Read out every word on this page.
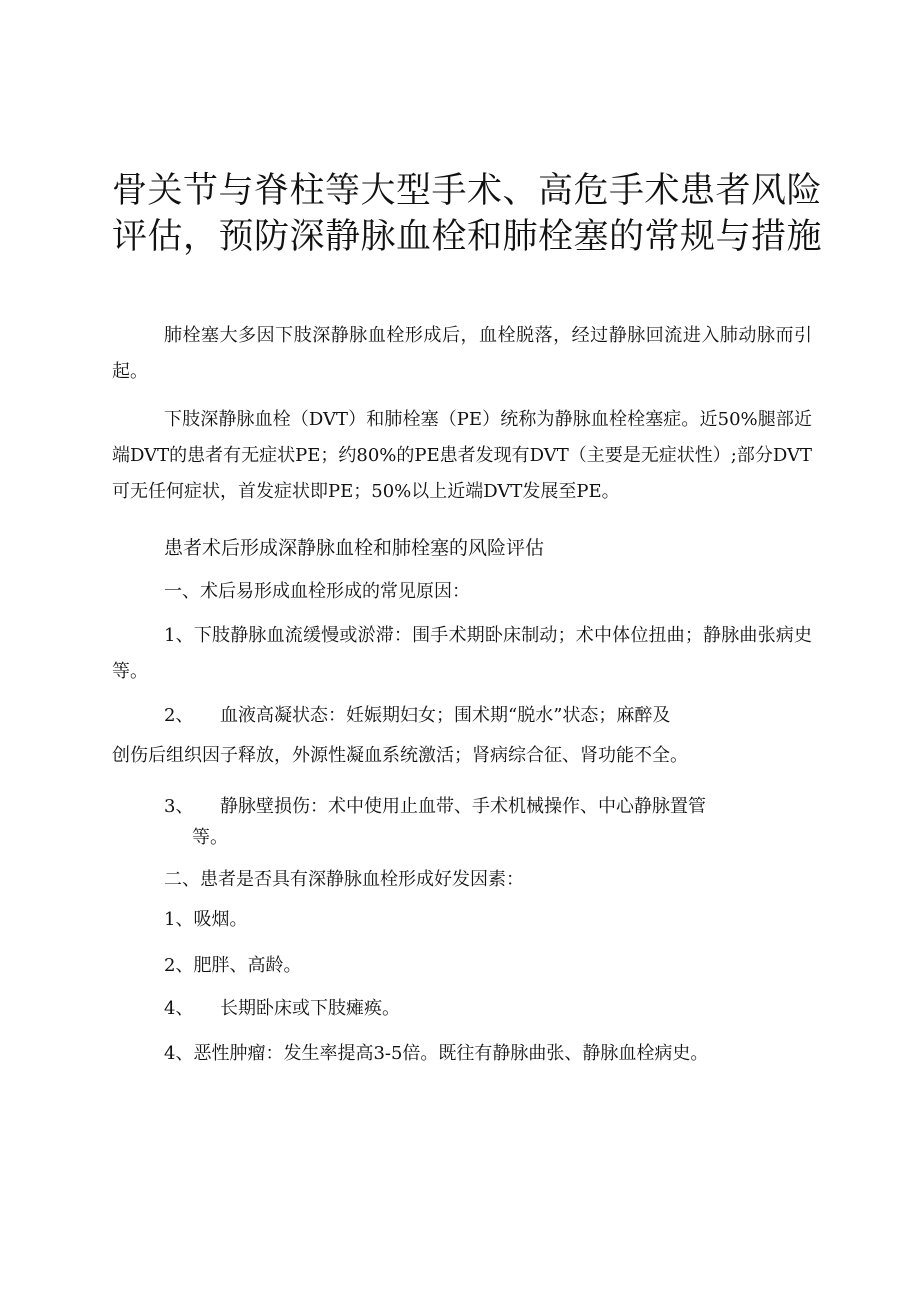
骨关节与脊柱等大型手术、高危手术患者风险评估，预防深静脉血栓和肺栓塞的常规与措施

肺栓塞大多因下肢深静脉血栓形成后，血栓脱落，经过静脉回流进入肺动脉而引起。

下肢深静脉血栓（DVT）和肺栓塞（PE）统称为静脉血栓栓塞症。近50%腿部近端DVT的患者有无症状PE；约80%的PE患者发现有DVT（主要是无症状性）;部分DVT可无任何症状，首发症状即PE；50%以上近端DVT发展至PE。

患者术后形成深静脉血栓和肺栓塞的风险评估

一、术后易形成血栓形成的常见原因：

1、下肢静脉血流缓慢或淤滞：围手术期卧床制动；术中体位扭曲；静脉曲张病史等。

2、 血液高凝状态：妊娠期妇女；围术期“脱水”状态；麻醉及

创伤后组织因子释放，外源性凝血系统激活；肾病综合征、肾功能不全。

3、 静脉壁损伤：术中使用止血带、手术机械操作、中心静脉置管

等。

二、患者是否具有深静脉血栓形成好发因素：

1、吸烟。

2、肥胖、高龄。

4、 长期卧床或下肢瘫痪。

4、恶性肿瘤：发生率提高3-5倍。既往有静脉曲张、静脉血栓病史。
